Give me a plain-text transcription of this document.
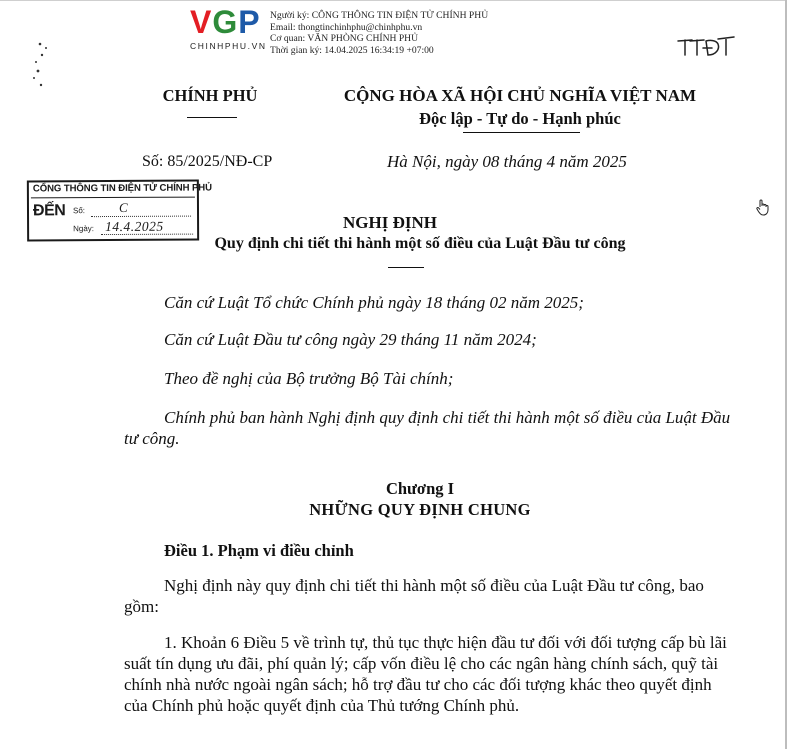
VGP
CHINHPHU.VN
Người ký: CÔNG THÔNG TIN ĐIỆN TỬ CHÍNH PHỦ
Email: thongtinchinhphu@chinhphu.vn
Cơ quan: VĂN PHÒNG CHÍNH PHỦ
Thời gian ký: 14.04.2025 16:34:19 +07:00
CHÍNH PHỦ	CỘNG HÒA XÃ HỘI CHỦ NGHĨA VIỆT NAM
Độc lập - Tự do - Hạnh phúc
Số: 85/2025/NĐ-CP	Hà Nội, ngày 08 tháng 4 năm 2025
CỔNG THÔNG TIN ĐIỆN TỬ CHÍNH PHỦ
ĐẾN Số:	C
Ngày: 14.4.2025	NGHỊ ĐỊNH
Quy định chi tiết thi hành một số điều của Luật Đầu tư công
Căn cứ Luật Tổ chức Chính phủ ngày 18 tháng 02 năm 2025;
Căn cứ Luật Đầu tư công ngày 29 tháng 11 năm 2024;
Theo đề nghị của Bộ trưởng Bộ Tài chính;
Chính phủ ban hành Nghị định quy định chi tiết thi hành một số điều của Luật Đầu tư công.
Chương I
NHỮNG QUY ĐỊNH CHUNG
Điều 1. Phạm vi điều chỉnh
Nghị định này quy định chi tiết thi hành một số điều của Luật Đầu tư công, bao gồm:
1. Khoản 6 Điều 5 về trình tự, thủ tục thực hiện đầu tư đối với đối tượng cấp bù lãi suất tín dụng ưu đãi, phí quản lý; cấp vốn điều lệ cho các ngân hàng chính sách, quỹ tài chính nhà nước ngoài ngân sách; hỗ trợ đầu tư cho các đối tượng khác theo quyết định của Chính phủ hoặc quyết định của Thủ tướng Chính phủ.
